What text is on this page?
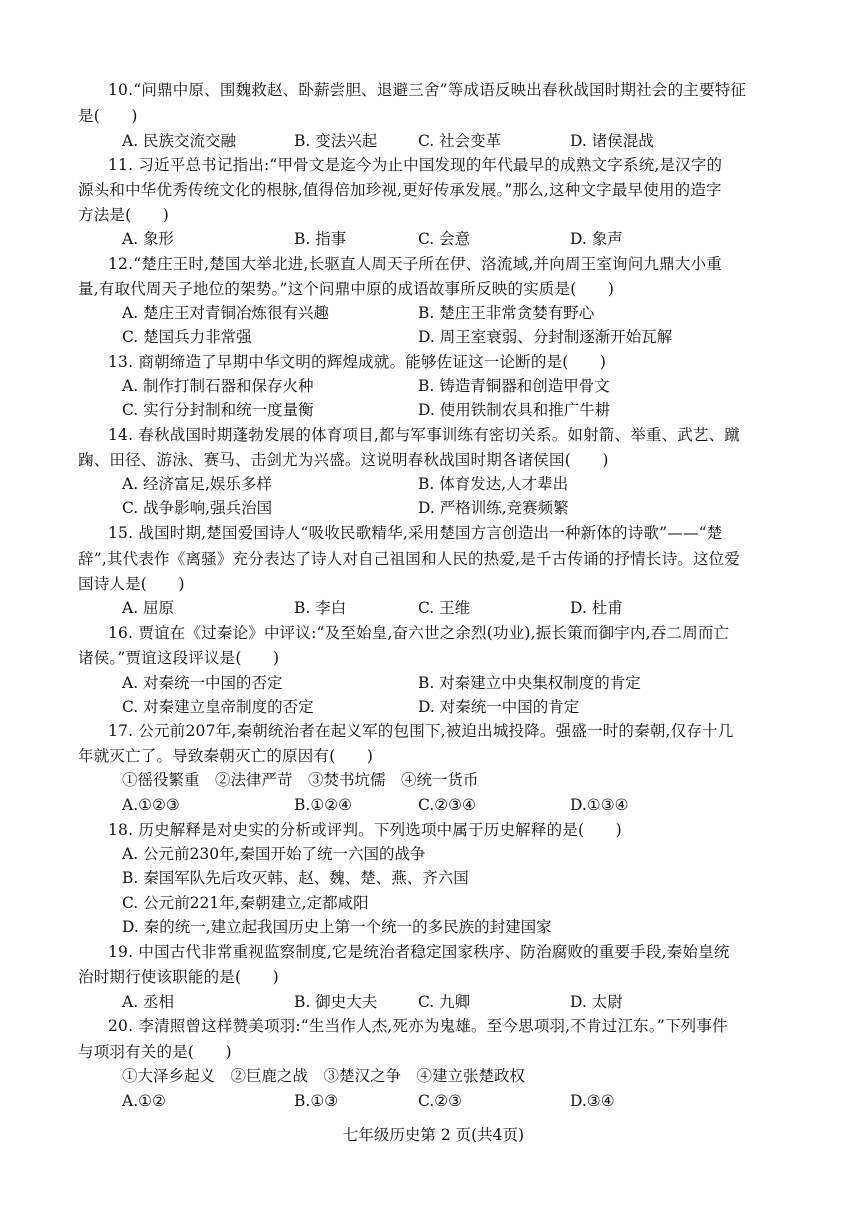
10.“问鼎中原、围魏救赵、卧薪尝胆、退避三舍”等成语反映出春秋战国时期社会的主要特征
是(　　)
A. 民族交流交融	B. 变法兴起	C. 社会变革	D. 诸侯混战
11. 习近平总书记指出:“甲骨文是迄今为止中国发现的年代最早的成熟文字系统,是汉字的
源头和中华优秀传统文化的根脉,值得倍加珍视,更好传承发展。”那么,这种文字最早使用的造字
方法是(　　)
A. 象形	B. 指事	C. 会意	D. 象声
12.“楚庄王时,楚国大举北进,长驱直人周天子所在伊、洛流域,并向周王室询问九鼎大小重
量,有取代周天子地位的架势。”这个问鼎中原的成语故事所反映的实质是(　　)
A. 楚庄王对青铜冶炼很有兴趣	B. 楚庄王非常贪婪有野心
C. 楚国兵力非常强	D. 周王室衰弱、分封制逐渐开始瓦解
13. 商朝缔造了早期中华文明的辉煌成就。能够佐证这一论断的是(　　)
A. 制作打制石器和保存火种	B. 铸造青铜器和创造甲骨文
C. 实行分封制和统一度量衡	D. 使用铁制农具和推广牛耕
14. 春秋战国时期蓬勃发展的体育项目,都与军事训练有密切关系。如射箭、举重、武艺、蹴
踘、田径、游泳、赛马、击剑尤为兴盛。这说明春秋战国时期各诸侯国(　　)
A. 经济富足,娱乐多样	B. 体育发达,人才辈出
C. 战争影响,强兵治国	D. 严格训练,竞赛频繁
15. 战国时期,楚国爱国诗人“吸收民歌精华,采用楚国方言创造出一种新体的诗歌”——“楚
辞”,其代表作《离骚》充分表达了诗人对自己祖国和人民的热爱,是千古传诵的抒情长诗。这位爱
国诗人是(　　)
A. 屈原	B. 李白	C. 王维	D. 杜甫
16. 贾谊在《过秦论》中评议:“及至始皇,奋六世之余烈(功业),振长策而御宇内,吞二周而亡
诸侯。”贾谊这段评议是(　　)
A. 对秦统一中国的否定	B. 对秦建立中央集权制度的肯定
C. 对秦建立皇帝制度的否定	D. 对秦统一中国的肯定
17. 公元前207年,秦朝统治者在起义军的包围下,被迫出城投降。强盛一时的秦朝,仅存十几
年就灭亡了。导致秦朝灭亡的原因有(　　)
①徭役繁重　②法律严苛　③焚书坑儒　④统一货币
A.①②③	B.①②④	C.②③④	D.①③④
18. 历史解释是对史实的分析或评判。下列选项中属于历史解释的是(　　)
A. 公元前230年,秦国开始了统一六国的战争
B. 秦国军队先后攻灭韩、赵、魏、楚、燕、齐六国
C. 公元前221年,秦朝建立,定都咸阳
D. 秦的统一,建立起我国历史上第一个统一的多民族的封建国家
19. 中国古代非常重视监察制度,它是统治者稳定国家秩序、防治腐败的重要手段,秦始皇统
治时期行使该职能的是(　　)
A. 丞相	B. 御史大夫	C. 九卿	D. 太尉
20. 李清照曾这样赞美项羽:“生当作人杰,死亦为鬼雄。至今思项羽,不肯过江东。”下列事件
与项羽有关的是(　　)
①大泽乡起义　②巨鹿之战　③楚汉之争　④建立张楚政权
A.①②	B.①③	C.②③	D.③④
七年级历史第 2 页(共4页)
